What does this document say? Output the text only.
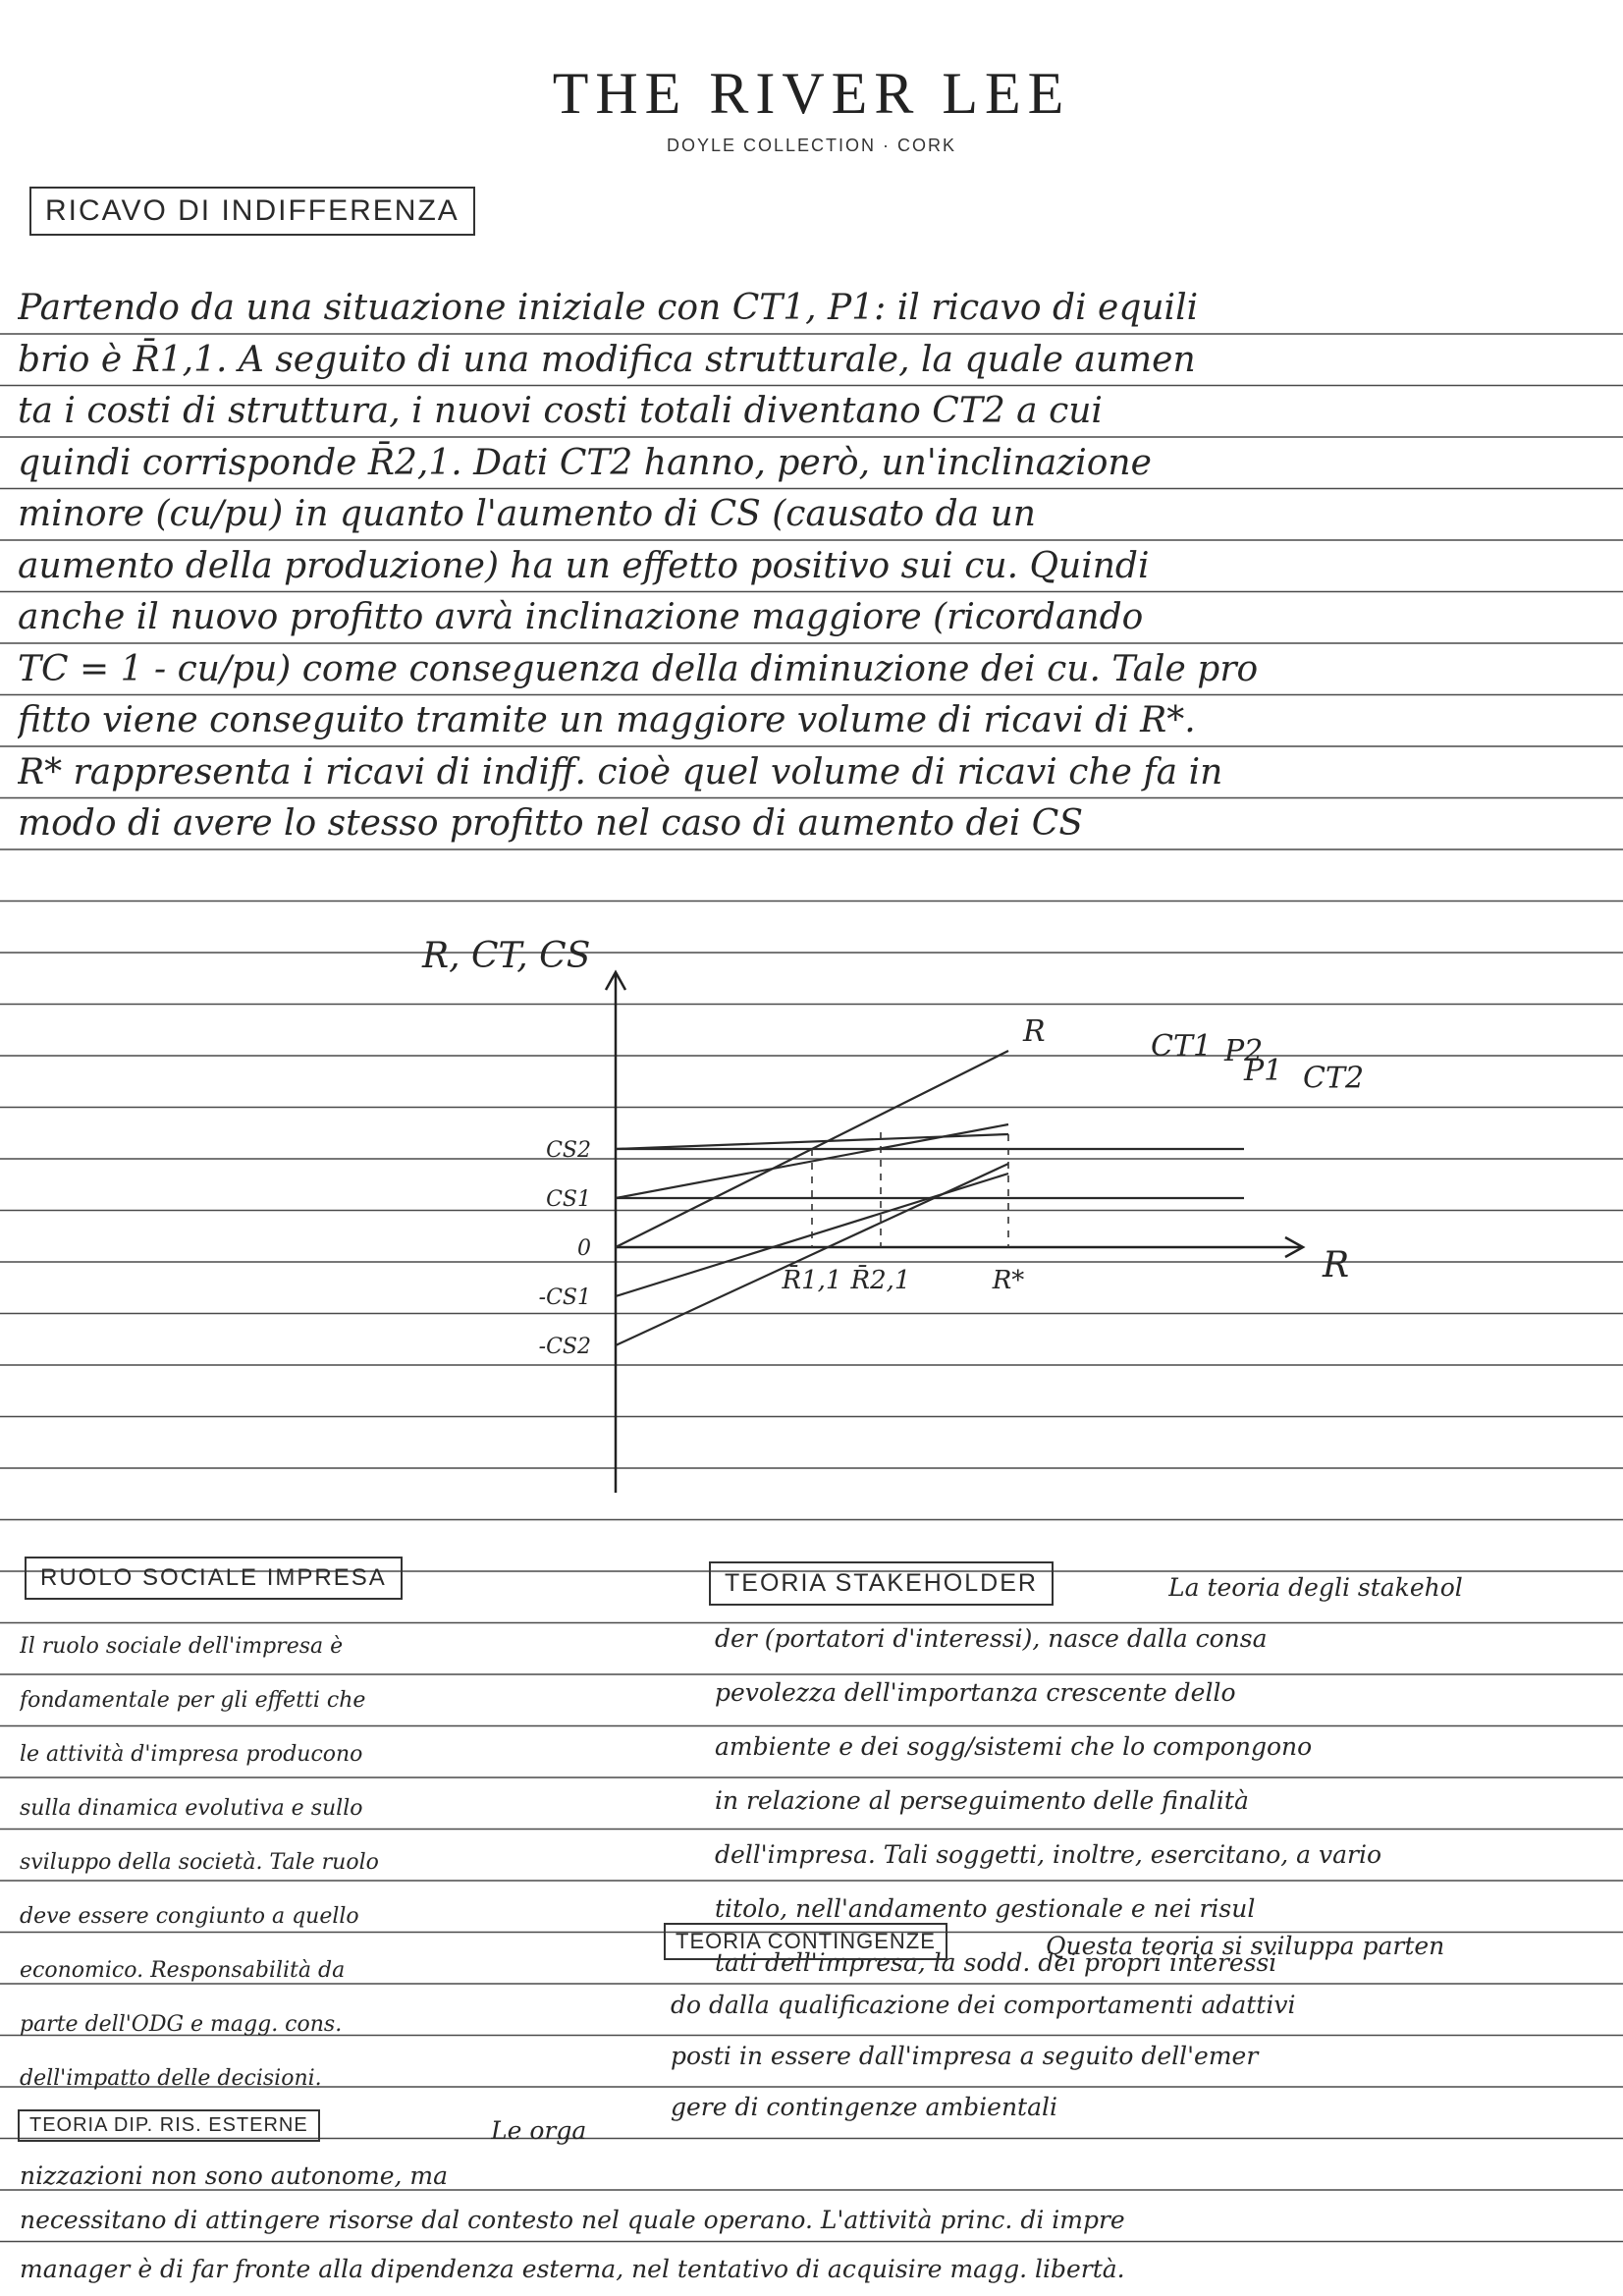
THE RIVER LEE
DOYLE COLLECTION · CORK
RICAVO DI INDIFFERENZA
Partendo da una situazione iniziale con CT1, P1: il ricavo di equili
brio è R̄1,1. A seguito di una modifica strutturale, la quale aumen
ta i costi di struttura, i nuovi costi totali diventano CT2 a cui
quindi corrisponde R̄2,1. Dati CT2 hanno, però, un'inclinazione
minore (cu/pu) in quanto l'aumento di CS (causato da un
aumento della produzione) ha un effetto positivo sui cu. Quindi
anche il nuovo profitto avrà inclinazione maggiore (ricordando
TC = 1 - cu/pu) come conseguenza della diminuzione dei cu. Tale pro
fitto viene conseguito tramite un maggiore volume di ricavi di R*.
R* rappresenta i ricavi di indiff. cioè quel volume di ricavi che fa in
modo di avere lo stesso profitto nel caso di aumento dei CS
R, CT, CS
R
CS2
CS1
0
-CS1
-CS2
R̄1,1 R̄2,1	R*
R	CT1 P2
P1 CT2
RUOLO SOCIALE IMPRESA
Il ruolo sociale dell'impresa è
fondamentale per gli effetti che
le attività d'impresa producono
sulla dinamica evolutiva e sullo
sviluppo della società. Tale ruolo
deve essere congiunto a quello
economico. Responsabilità da
parte dell'ODG e magg. cons.
dell'impatto delle decisioni.
TEORIA STAKEHOLDER	La teoria degli stakehol
der (portatori d'interessi), nasce dalla consa
pevolezza dell'importanza crescente dello
ambiente e dei sogg/sistemi che lo compongono
in relazione al perseguimento delle finalità
dell'impresa. Tali soggetti, inoltre, esercitano, a vario
titolo, nell'andamento gestionale e nei risul
tati dell'impresa, la sodd. dei propri interessi
TEORIA CONTINGENZE	Questa teoria si sviluppa parten
do dalla qualificazione dei comportamenti adattivi
posti in essere dall'impresa a seguito dell'emer
gere di contingenze ambientali
TEORIA DIP. RIS. ESTERNE	Le orga
nizzazioni non sono autonome, ma
necessitano di attingere risorse dal contesto nel quale operano. L'attività princ. di impre
manager è di far fronte alla dipendenza esterna, nel tentativo di acquisire magg. libertà.
